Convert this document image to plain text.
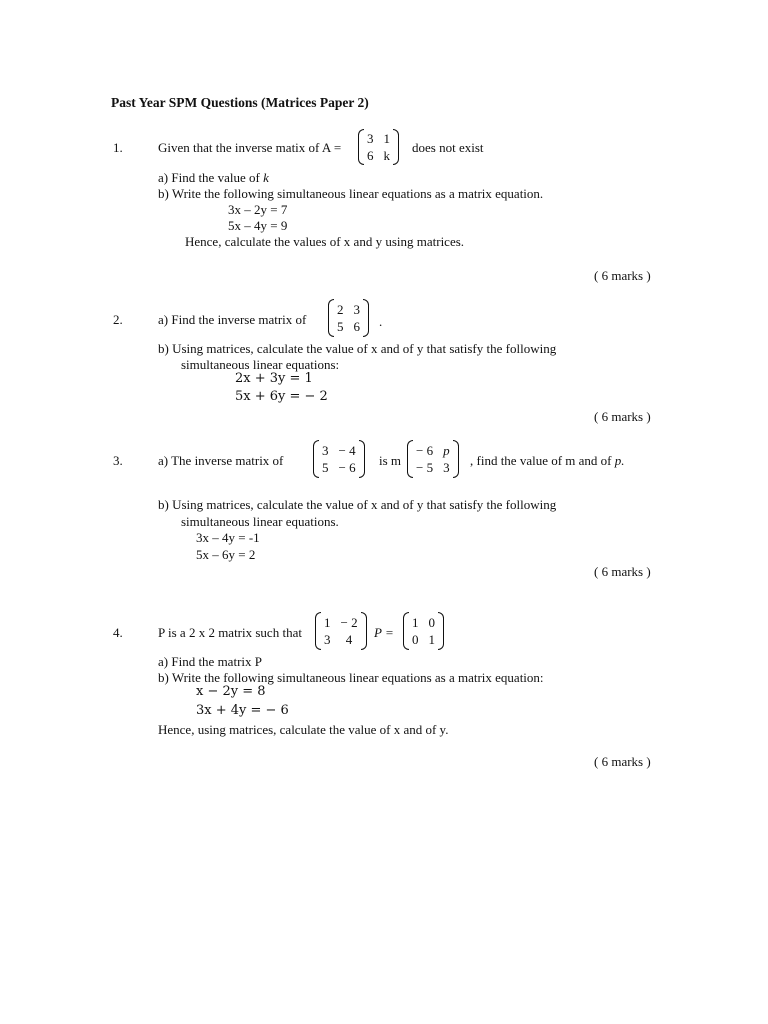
Past Year SPM Questions (Matrices Paper 2)
1.	Given that the inverse matix of A =
3 1
6 k
does not exist
a) Find the value of k
b) Write the following simultaneous linear equations as a matrix equation.
3x – 2y = 7
5x – 4y = 9
Hence, calculate the values of x and y using matrices.
( 6 marks )
2.	a) Find the inverse matrix of
2 3
5 6 .
b) Using matrices, calculate the value of x and of y that satisfy the following
simultaneous linear equations:
2x + 3y = 1
5x + 6y = − 2
( 6 marks )
3.	a) The inverse matrix of
3 − 4
5 − 6 is m
− 6 p
− 5 3 , find the value of m and of p.
b) Using matrices, calculate the value of x and of y that satisfy the following
simultaneous linear equations.
3x – 4y = -1
5x – 6y = 2
( 6 marks )
4.	P is a 2 x 2 matrix such that
1 − 2
3	4	P =
1 0
0 1
a) Find the matrix P
b) Write the following simultaneous linear equations as a matrix equation:
x − 2y = 8
3x + 4y = − 6
Hence, using matrices, calculate the value of x and of y.
( 6 marks )
